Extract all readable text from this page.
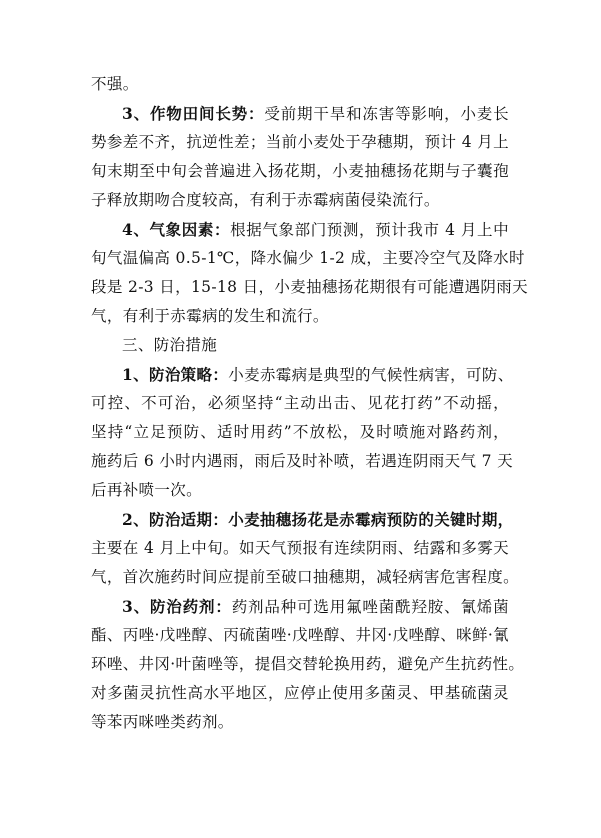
不强。
3、作物田间长势：受前期干旱和冻害等影响，小麦长
势参差不齐，抗逆性差；当前小麦处于孕穗期，预计 4 月上
旬末期至中旬会普遍进入扬花期，小麦抽穗扬花期与子囊孢
子释放期吻合度较高，有利于赤霉病菌侵染流行。
4、气象因素：根据气象部门预测，预计我市 4 月上中
旬气温偏高 0.5-1℃，降水偏少 1-2 成，主要冷空气及降水时
段是 2-3 日，15-18 日，小麦抽穗扬花期很有可能遭遇阴雨天
气，有利于赤霉病的发生和流行。
三、防治措施
1、防治策略：小麦赤霉病是典型的气候性病害，可防、
可控、不可治，必须坚持“主动出击、见花打药”不动摇，
坚持“立足预防、适时用药”不放松，及时喷施对路药剂，
施药后 6 小时内遇雨，雨后及时补喷，若遇连阴雨天气 7 天
后再补喷一次。
2、防治适期：小麦抽穗扬花是赤霉病预防的关键时期，
主要在 4 月上中旬。如天气预报有连续阴雨、结露和多雾天
气，首次施药时间应提前至破口抽穗期，减轻病害危害程度。
3、防治药剂：药剂品种可选用氟唑菌酰羟胺、氰烯菌
酯、丙唑·戊唑醇、丙硫菌唑·戊唑醇、井冈·戊唑醇、咪鲜·氰
环唑、井冈·叶菌唑等，提倡交替轮换用药，避免产生抗药性。
对多菌灵抗性高水平地区，应停止使用多菌灵、甲基硫菌灵
等苯丙咪唑类药剂。
